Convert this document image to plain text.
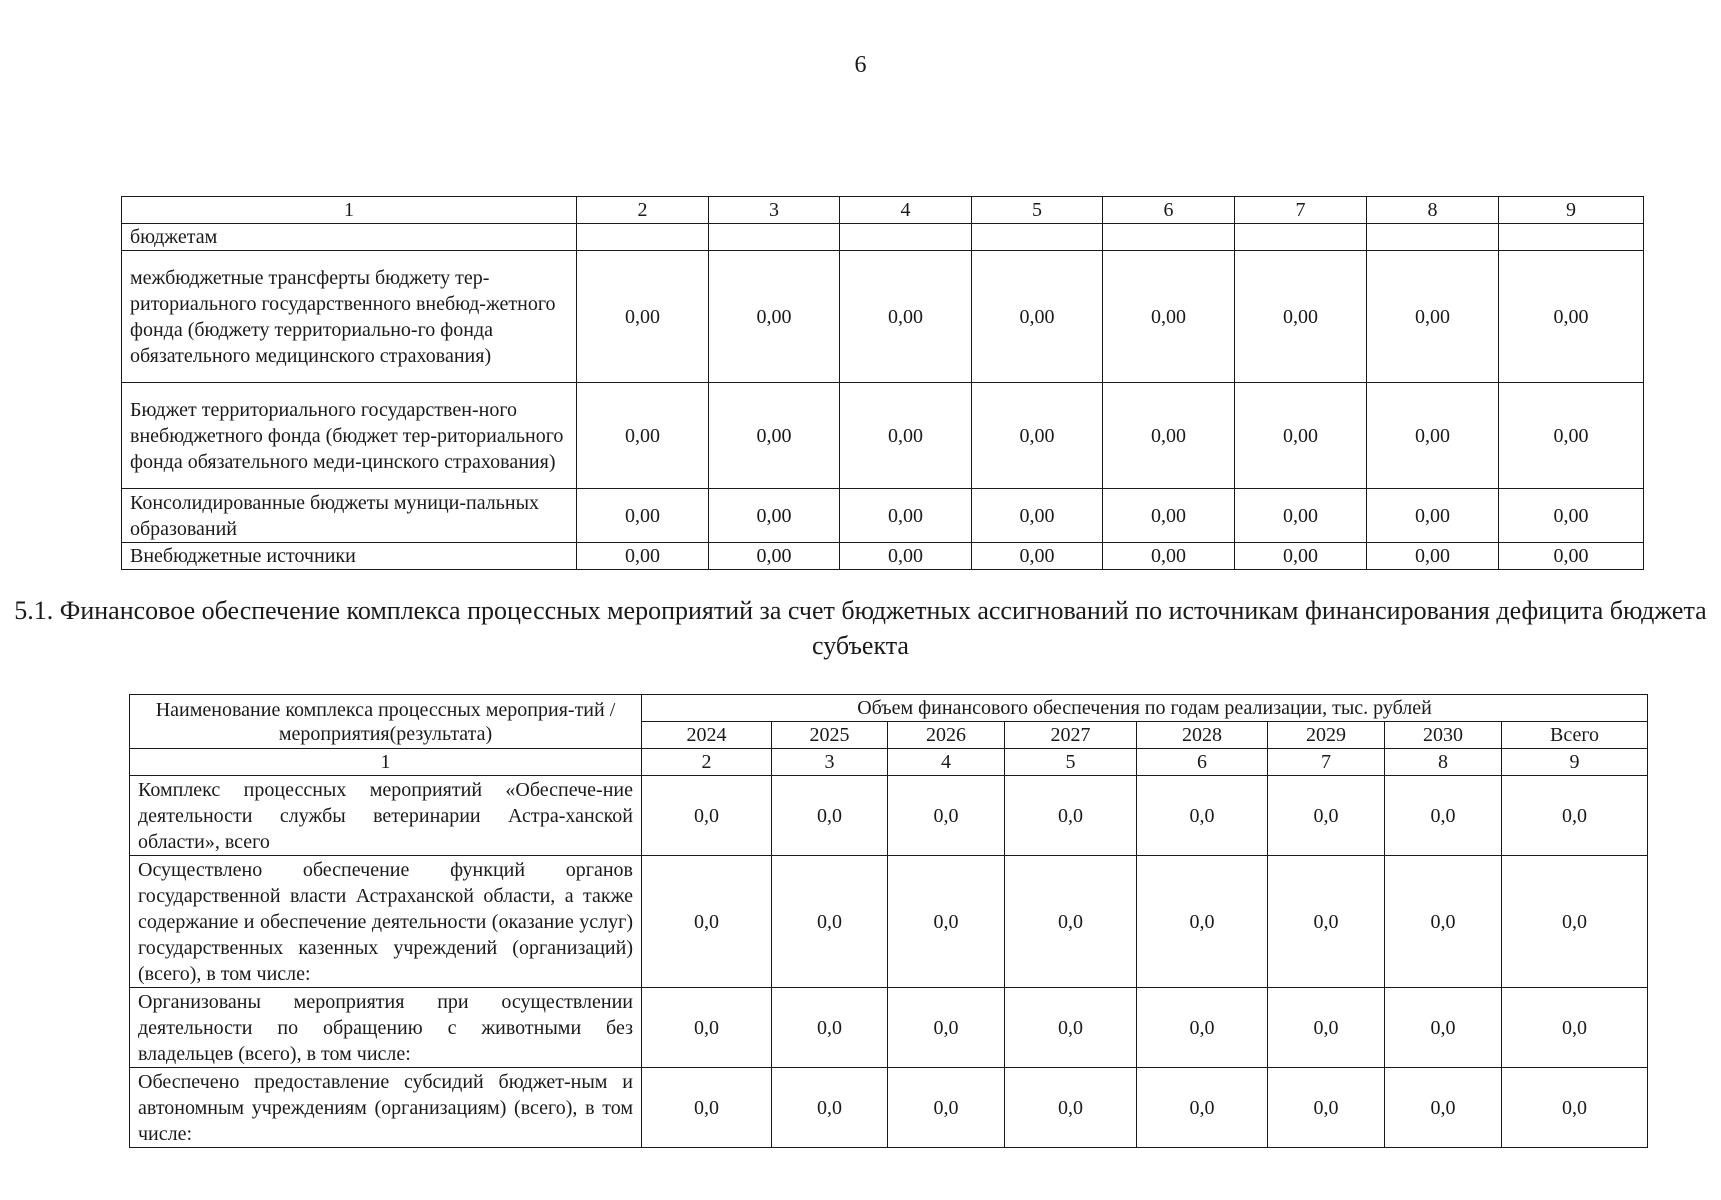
6
1	2	3	4	5	6	7	8	9
бюджетам								
межбюджетные трансферты бюджету тер-риториального государственного внебюд-жетного фонда (бюджету территориально-го фонда обязательного медицинского страхования)	0,00	0,00	0,00	0,00	0,00	0,00	0,00	0,00
Бюджет территориального государствен-ного внебюджетного фонда (бюджет тер-риториального фонда обязательного меди-цинского страхования)	0,00	0,00	0,00	0,00	0,00	0,00	0,00	0,00
Консолидированные бюджеты муници-пальных образований	0,00	0,00	0,00	0,00	0,00	0,00	0,00	0,00
Внебюджетные источники	0,00	0,00	0,00	0,00	0,00	0,00	0,00	0,00
5.1. Финансовое обеспечение комплекса процессных мероприятий за счет бюджетных ассигнований по источникам финансирования дефицита бюджета субъекта
Наименование комплекса процессных мероприя-тий / мероприятия(результата)	Объем финансового обеспечения по годам реализации, тыс. рублей							
	2024	2025	2026	2027	2028	2029	2030	Всего
1	2	3	4	5	6	7	8	9
Комплекс процессных мероприятий «Обеспече-ние деятельности службы ветеринарии Астра-ханской области», всего	0,0	0,0	0,0	0,0	0,0	0,0	0,0	0,0
Осуществлено обеспечение функций органов государственной власти Астраханской области, а также содержание и обеспечение деятельности (оказание услуг) государственных казенных учреждений (организаций) (всего), в том числе:	0,0	0,0	0,0	0,0	0,0	0,0	0,0	0,0
Организованы мероприятия при осуществлении деятельности по обращению с животными без владельцев (всего), в том числе:	0,0	0,0	0,0	0,0	0,0	0,0	0,0	0,0
Обеспечено предоставление субсидий бюджет-ным и автономным учреждениям (организациям) (всего), в том числе:	0,0	0,0	0,0	0,0	0,0	0,0	0,0	0,0
